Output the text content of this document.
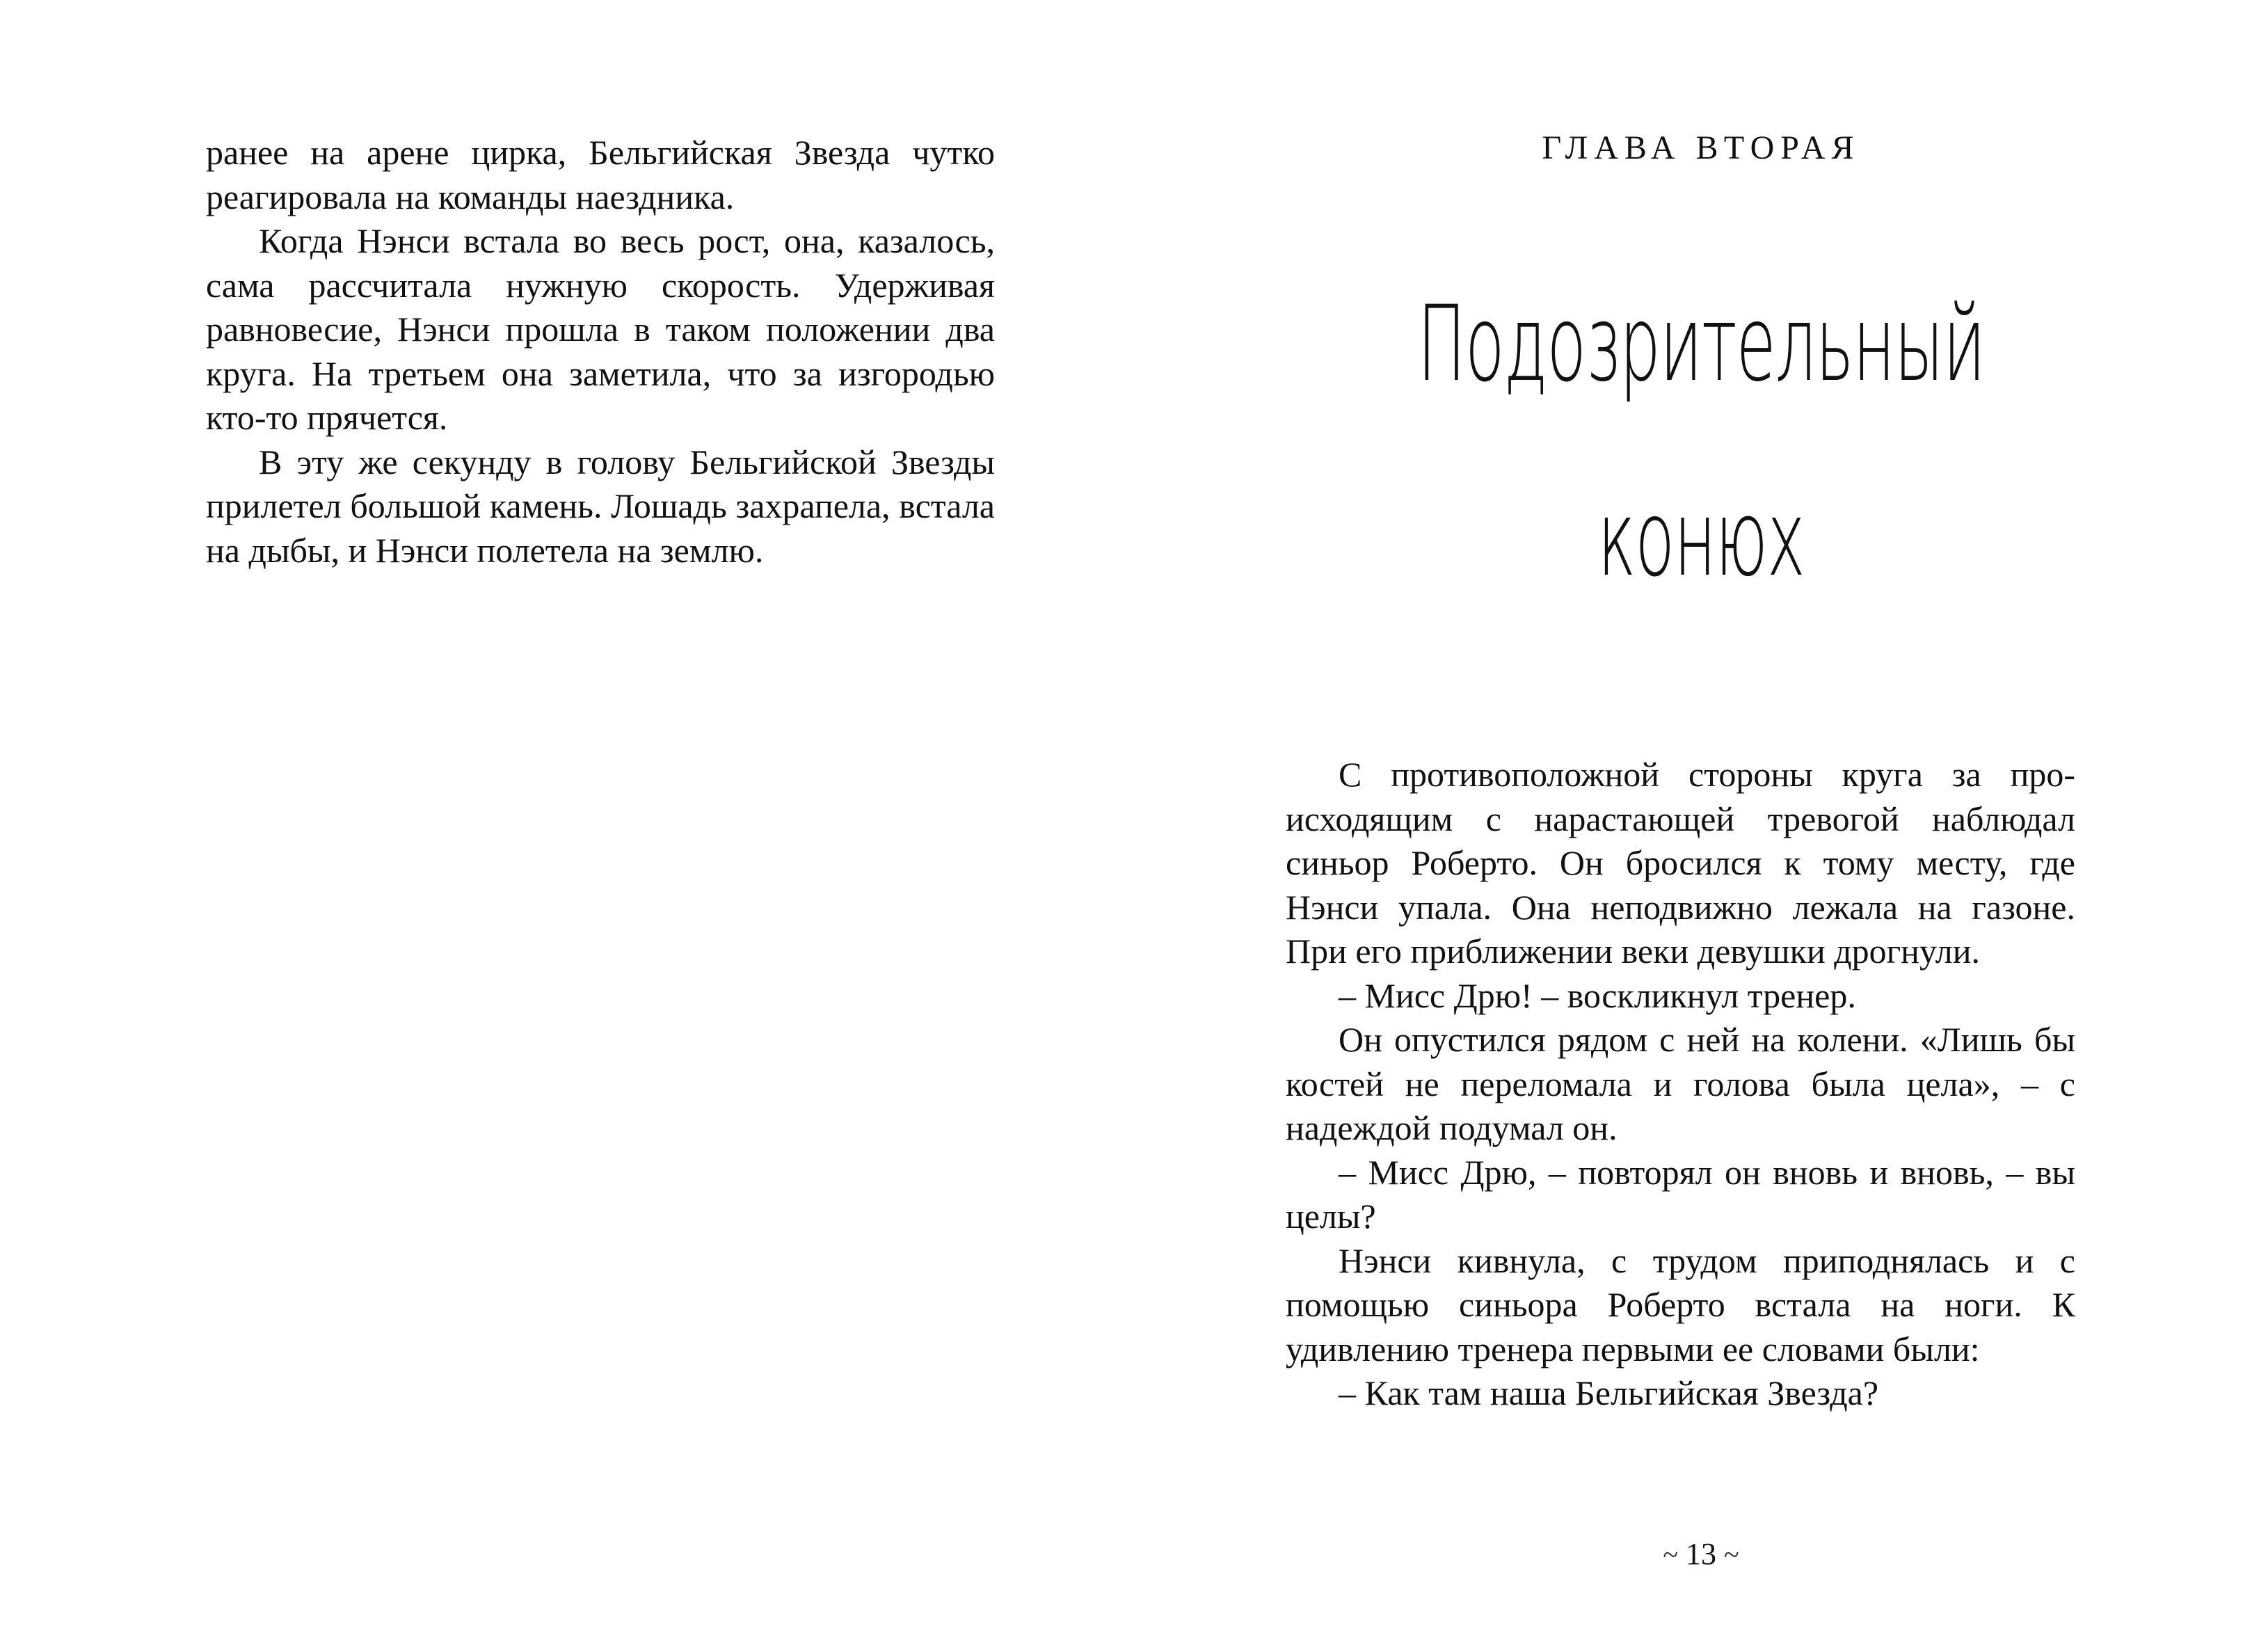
ранее на арене цирка, Бельгийская Звезда чутко реагировала на команды наездника.

Когда Нэнси встала во весь рост, она, казалось, сама рассчитала нужную скорость. Удерживая равновесие, Нэнси прошла в таком положении два круга. На третьем она заметила, что за изгородью кто-то прячется.

В эту же секунду в голову Бельгийской Звезды прилетел большой камень. Лошадь захрапела, встала на дыбы, и Нэнси полетела на землю.

ГЛАВА ВТОРАЯ
Подозрительный
конюх

С противоположной стороны круга за происходящим с нарастающей тревогой наблюдал синьор Роберто. Он бросился к тому месту, где Нэнси упала. Она неподвижно лежала на газоне. При его приближении веки девушки дрогнули.

– Мисс Дрю! – воскликнул тренер.

Он опустился рядом с ней на колени. «Лишь бы костей не переломала и голова была цела», – с надеждой подумал он.

– Мисс Дрю, – повторял он вновь и вновь, – вы целы?

Нэнси кивнула, с трудом приподнялась и с помощью синьора Роберто встала на ноги. К удивлению тренера первыми ее словами были:

– Как там наша Бельгийская Звезда?

~ 13 ~
